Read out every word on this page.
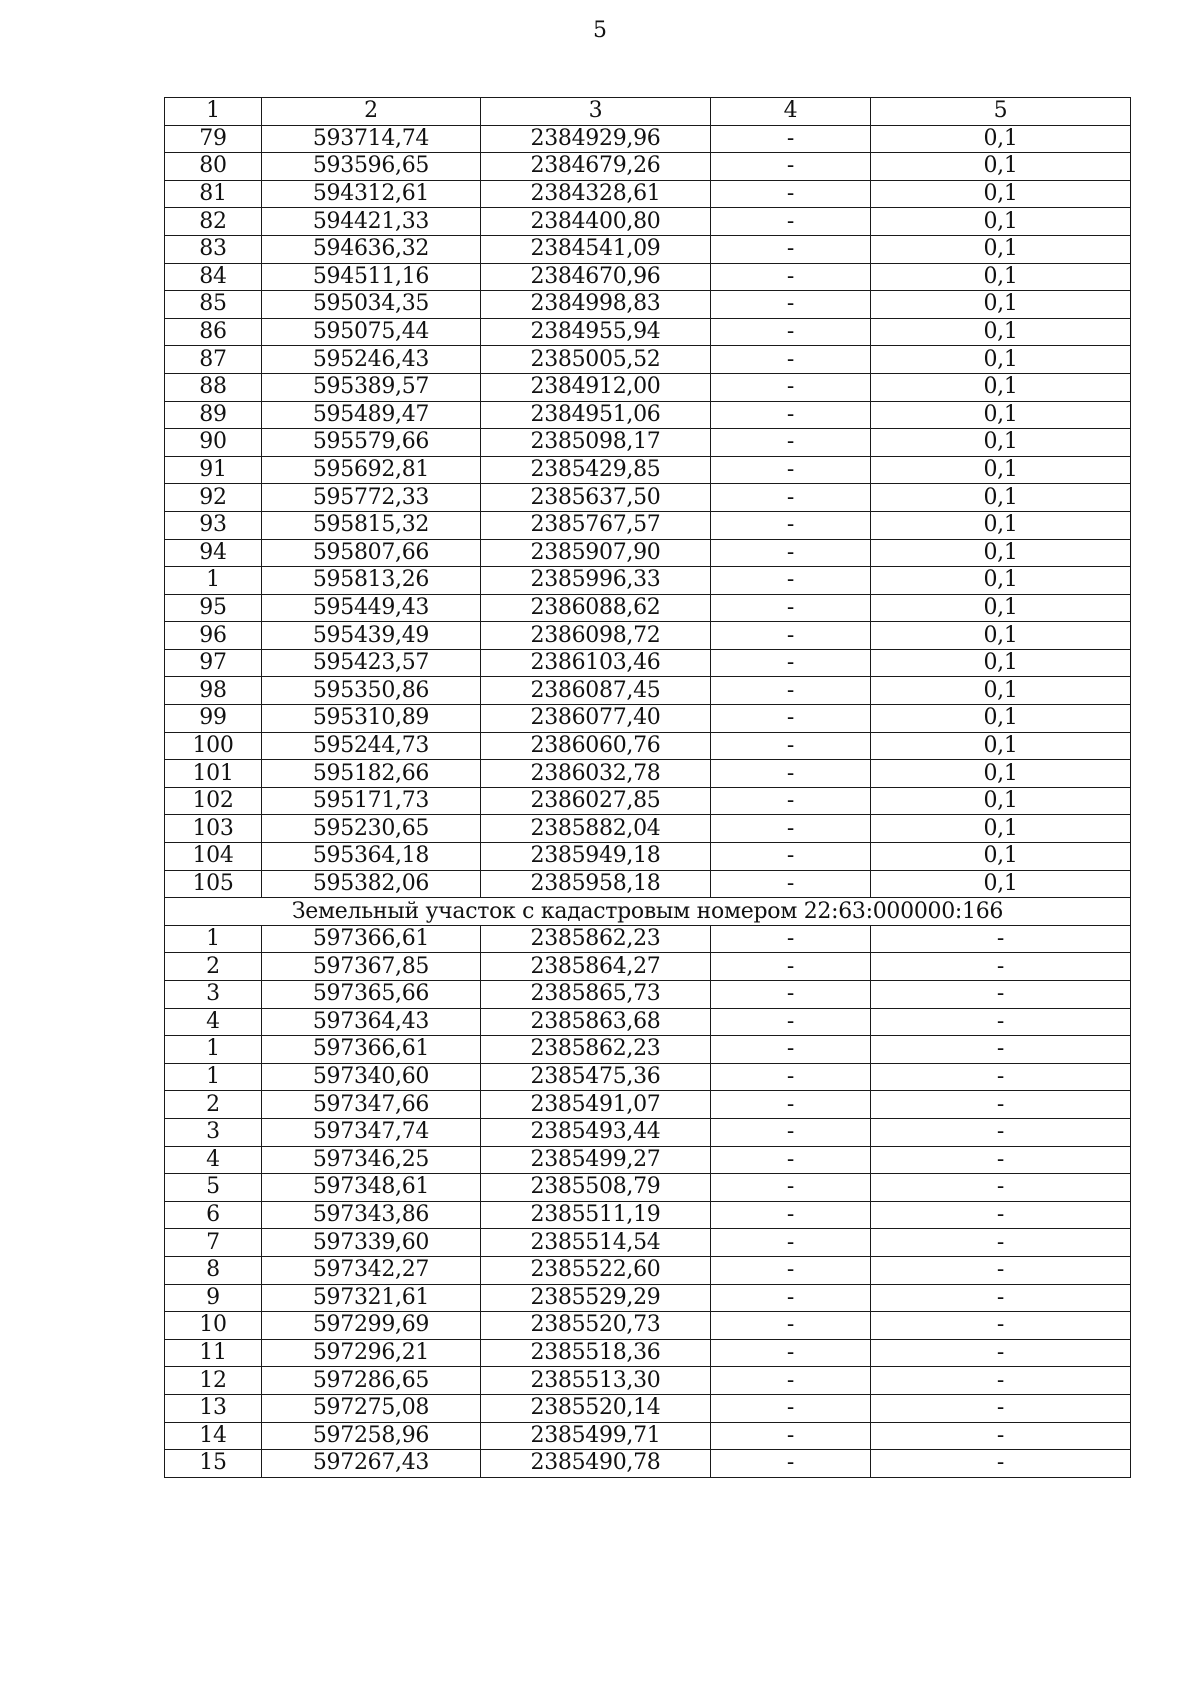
5
1	2	3	4	5
79	593714,74	2384929,96	-	0,1
80	593596,65	2384679,26	-	0,1
81	594312,61	2384328,61	-	0,1
82	594421,33	2384400,80	-	0,1
83	594636,32	2384541,09	-	0,1
84	594511,16	2384670,96	-	0,1
85	595034,35	2384998,83	-	0,1
86	595075,44	2384955,94	-	0,1
87	595246,43	2385005,52	-	0,1
88	595389,57	2384912,00	-	0,1
89	595489,47	2384951,06	-	0,1
90	595579,66	2385098,17	-	0,1
91	595692,81	2385429,85	-	0,1
92	595772,33	2385637,50	-	0,1
93	595815,32	2385767,57	-	0,1
94	595807,66	2385907,90	-	0,1
1	595813,26	2385996,33	-	0,1
95	595449,43	2386088,62	-	0,1
96	595439,49	2386098,72	-	0,1
97	595423,57	2386103,46	-	0,1
98	595350,86	2386087,45	-	0,1
99	595310,89	2386077,40	-	0,1
100	595244,73	2386060,76	-	0,1
101	595182,66	2386032,78	-	0,1
102	595171,73	2386027,85	-	0,1
103	595230,65	2385882,04	-	0,1
104	595364,18	2385949,18	-	0,1
105	595382,06	2385958,18	-	0,1
Земельный участок с кадастровым номером 22:63:000000:166				
1	597366,61	2385862,23	-	-
2	597367,85	2385864,27	-	-
3	597365,66	2385865,73	-	-
4	597364,43	2385863,68	-	-
1	597366,61	2385862,23	-	-
1	597340,60	2385475,36	-	-
2	597347,66	2385491,07	-	-
3	597347,74	2385493,44	-	-
4	597346,25	2385499,27	-	-
5	597348,61	2385508,79	-	-
6	597343,86	2385511,19	-	-
7	597339,60	2385514,54	-	-
8	597342,27	2385522,60	-	-
9	597321,61	2385529,29	-	-
10	597299,69	2385520,73	-	-
11	597296,21	2385518,36	-	-
12	597286,65	2385513,30	-	-
13	597275,08	2385520,14	-	-
14	597258,96	2385499,71	-	-
15	597267,43	2385490,78	-	-
